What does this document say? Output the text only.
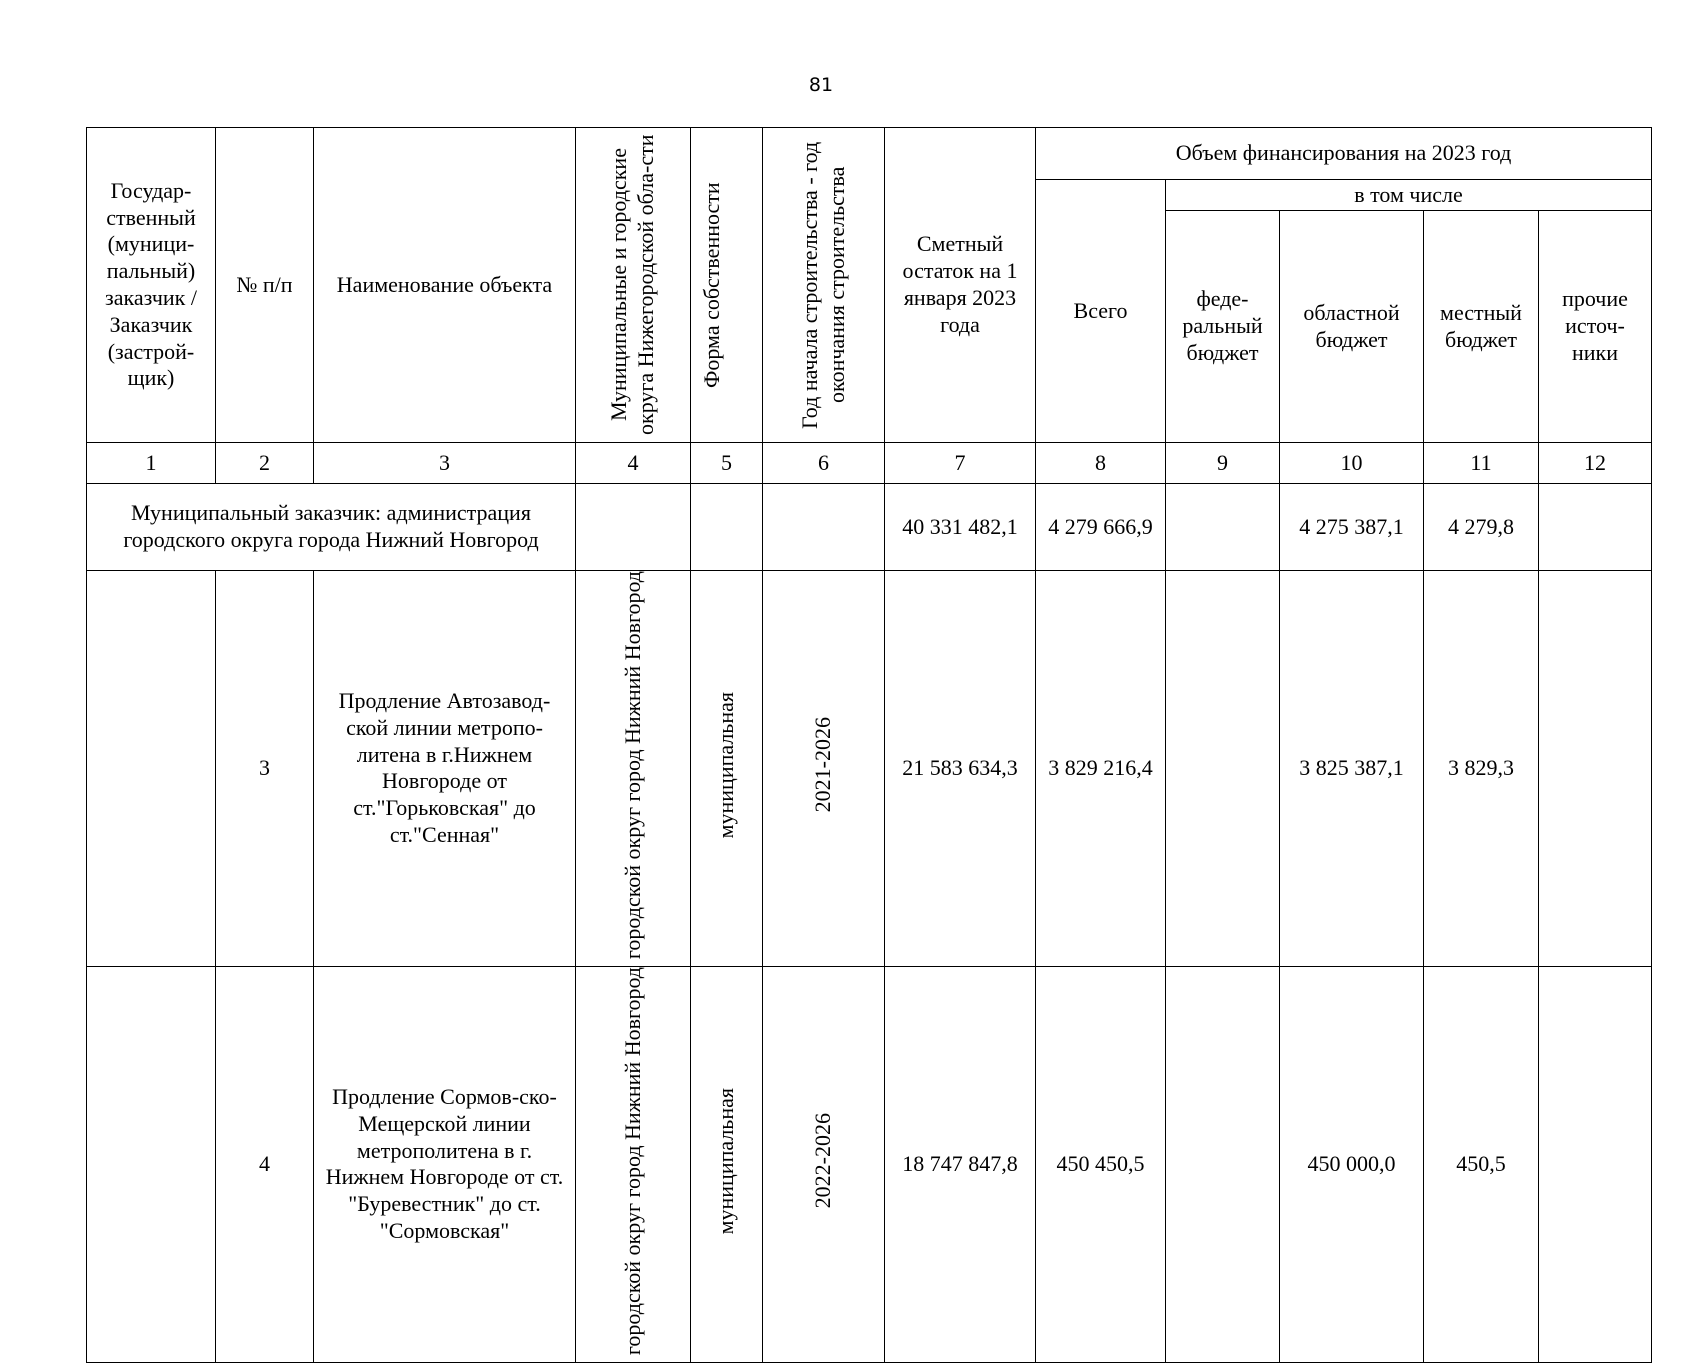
81
Государ-ственный (муници-пальный) заказчик / Заказчик (застрой-щик)	№ п/п	Наименование объекта	Муниципальные и городские округа Нижегородской обла-сти	Форма собственности	Год начала строительства - год окончания строительства	Сметный остаток на 1 января 2023 года	Объем финансирования на 2023 год				
							Всего	в том числе			
								феде-ральный бюджет	областной бюджет	местный бюджет	прочие источ-ники
1	2	3	4	5	6	7	8	9	10	11	12
Муниципальный заказчик: администрация городского округа города Нижний Новгород						40 331 482,1	4 279 666,9		4 275 387,1	4 279,8	
	3	Продление Автозавод-ской линии метропо-литена в г.Нижнем Новгороде от ст."Горьковская" до ст."Сенная"	городской округ город Нижний Новгород	муниципальная	2021-2026	21 583 634,3	3 829 216,4		3 825 387,1	3 829,3	
	4	Продление Сормов-ско-Мещерской линии метрополитена в г. Нижнем Новгороде от ст. "Буревестник" до ст. "Сормовская"	городской округ город Нижний Новгород	муниципальная	2022-2026	18 747 847,8	450 450,5		450 000,0	450,5	
